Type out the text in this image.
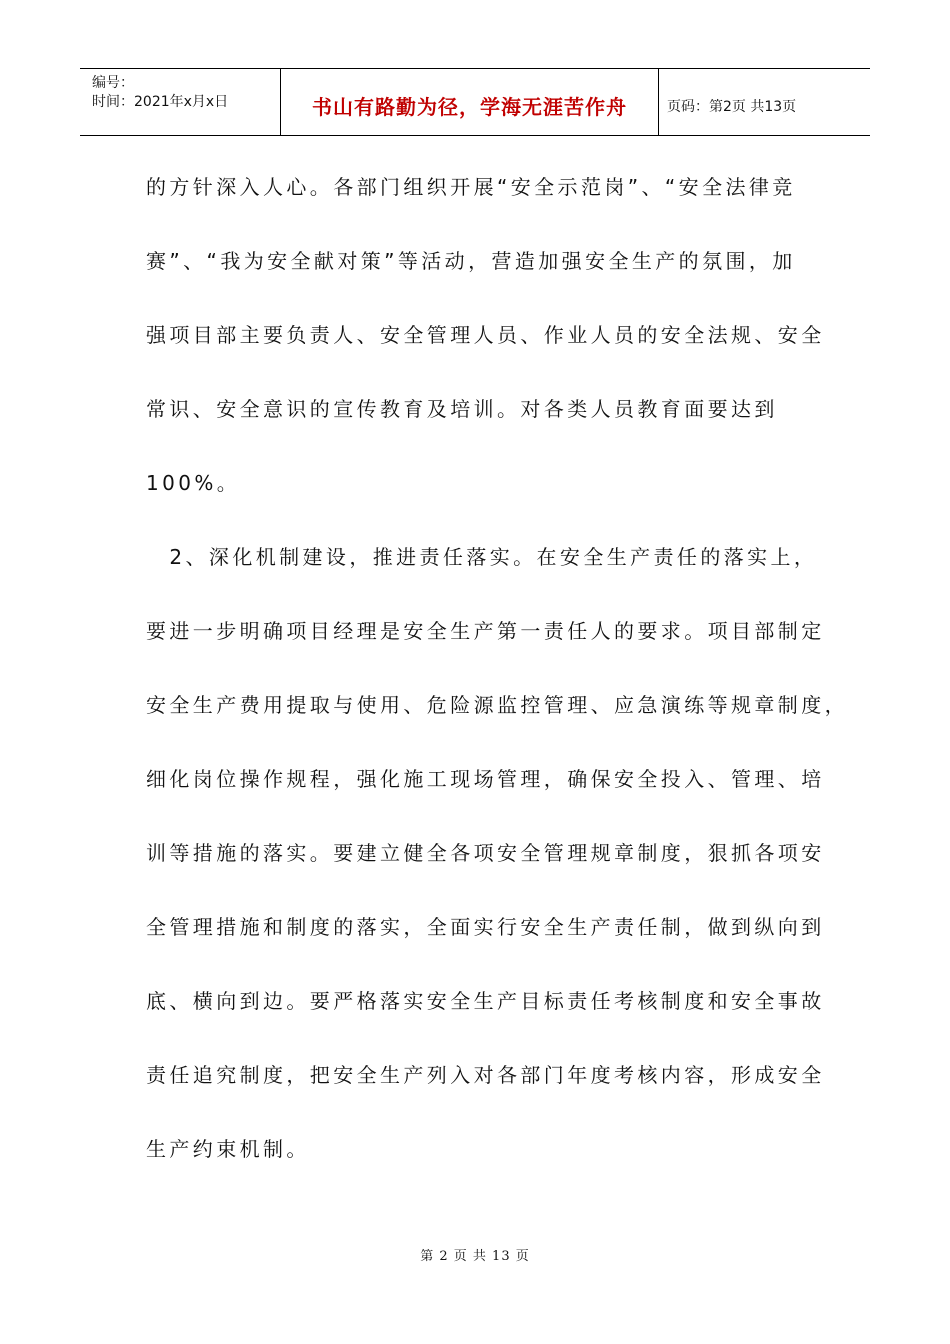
编号：
时间：2021年x月x日	书山有路勤为径，学海无涯苦作舟	页码：第2页 共13页

的方针深入人心。各部门组织开展“安全示范岗”、“安全法律竞

赛”、“我为安全献对策”等活动，营造加强安全生产的氛围，加

强项目部主要负责人、安全管理人员、作业人员的安全法规、安全

常识、安全意识的宣传教育及培训。对各类人员教育面要达到

100%。

　2、深化机制建设，推进责任落实。在安全生产责任的落实上，

要进一步明确项目经理是安全生产第一责任人的要求。项目部制定

安全生产费用提取与使用、危险源监控管理、应急演练等规章制度，

细化岗位操作规程，强化施工现场管理，确保安全投入、管理、培

训等措施的落实。要建立健全各项安全管理规章制度，狠抓各项安

全管理措施和制度的落实，全面实行安全生产责任制，做到纵向到

底、横向到边。要严格落实安全生产目标责任考核制度和安全事故

责任追究制度，把安全生产列入对各部门年度考核内容，形成安全

生产约束机制。

第 2 页 共 13 页
